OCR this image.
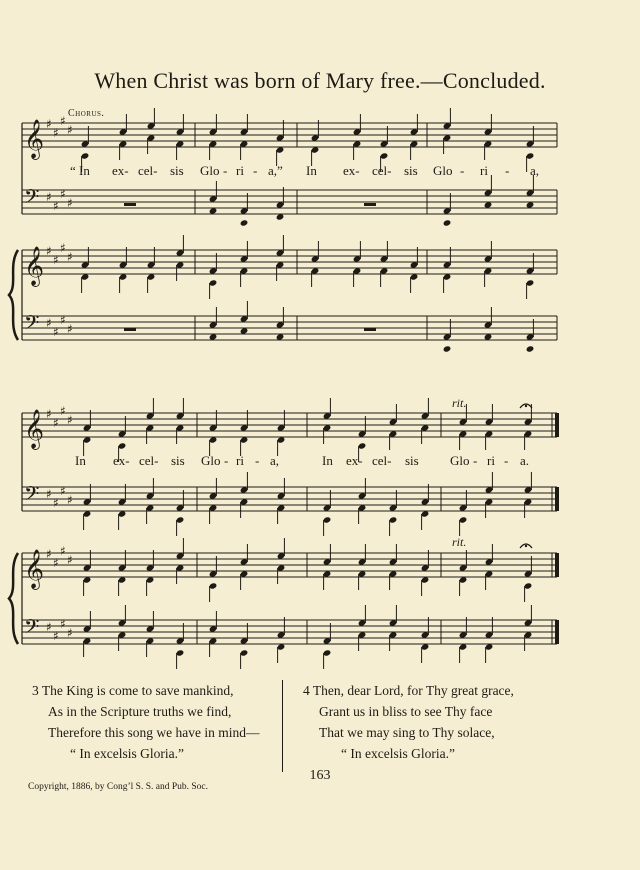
When Christ was born of Mary free.—Concluded.
Chorus.
𝄞 ♯
♯
♯
♯
𝄢 ♯
♯
♯
♯
𝄞 ♯
♯
♯
♯
𝄢 ♯
♯
♯
♯
𝄞 ♯
♯
♯
♯
𝄢 ♯
♯
♯
♯
𝄞 ♯
♯
♯
♯
𝄢 ♯
♯
♯
♯
“ In ex- cel- sis Glo - ri - a,” In ex- cel- sis Glo - ri - a,
In ex- cel- sis Glo - ri - a,	In ex- cel- sis Glo - ri - a.
rit.
rit.
3 The King is come to save mankind,
As in the Scripture truths we find,
Therefore this song we have in mind—
“ In excelsis Gloria.”
4 Then, dear Lord, for Thy great grace,
Grant us in bliss to see Thy face
That we may sing to Thy solace,
“ In excelsis Gloria.”
163
Copyright, 1886, by Cong’l S. S. and Pub. Soc.
